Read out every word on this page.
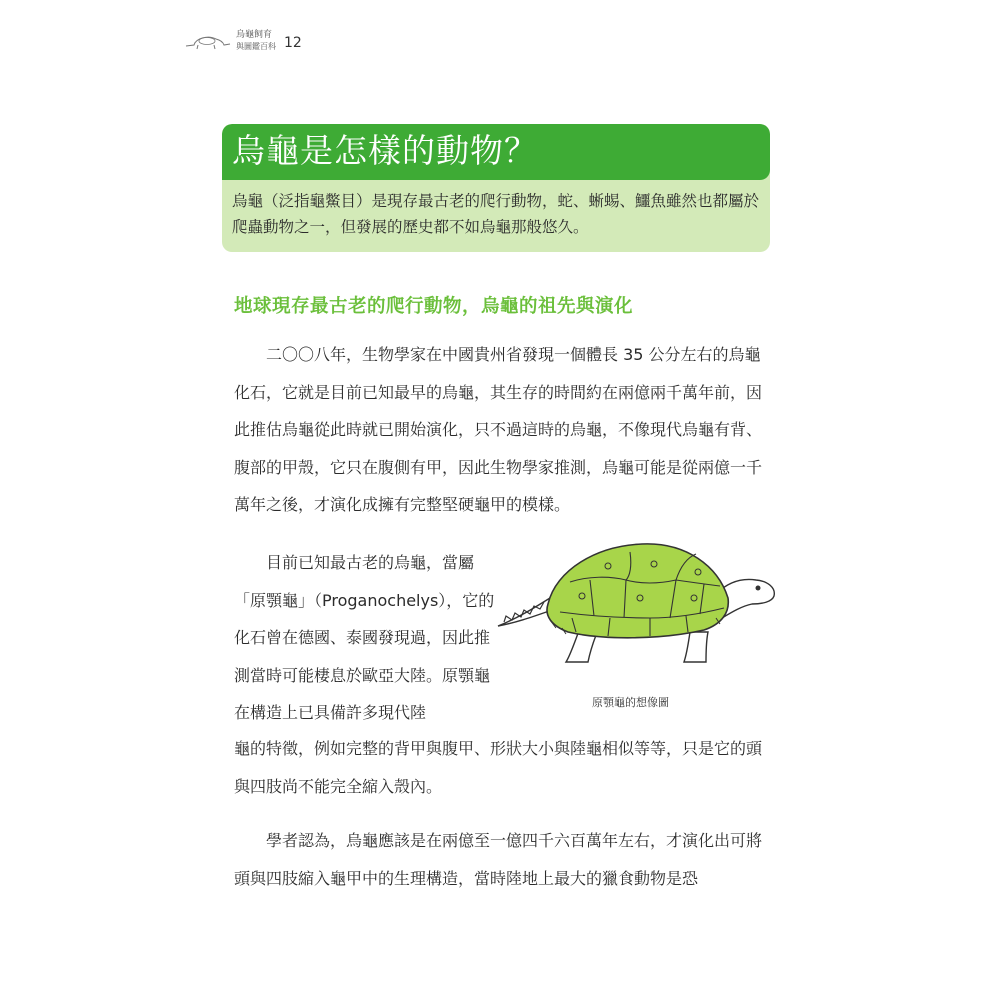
烏龜飼育
與圖鑑百科 12
烏龜是怎樣的動物？
烏龜（泛指龜鱉目）是現存最古老的爬行動物，蛇、蜥蜴、鱷魚雖然也都屬於爬蟲動物之一，但發展的歷史都不如烏龜那般悠久。
地球現存最古老的爬行動物，烏龜的祖先與演化

二〇〇八年，生物學家在中國貴州省發現一個體長 35 公分左右的烏龜化石，它就是目前已知最早的烏龜，其生存的時間約在兩億兩千萬年前，因此推估烏龜從此時就已開始演化，只不過這時的烏龜，不像現代烏龜有背、腹部的甲殼，它只在腹側有甲，因此生物學家推測，烏龜可能是從兩億一千萬年之後，才演化成擁有完整堅硬龜甲的模樣。

目前已知最古老的烏龜，當屬「原顎龜」（Proganochelys），它的化石曾在德國、泰國發現過，因此推測當時可能棲息於歐亞大陸。原顎龜在構造上已具備許多現代陸

原顎龜的想像圖

龜的特徵，例如完整的背甲與腹甲、形狀大小與陸龜相似等等，只是它的頭與四肢尚不能完全縮入殼內。

學者認為，烏龜應該是在兩億至一億四千六百萬年左右，才演化出可將頭與四肢縮入龜甲中的生理構造，當時陸地上最大的獵食動物是恐
